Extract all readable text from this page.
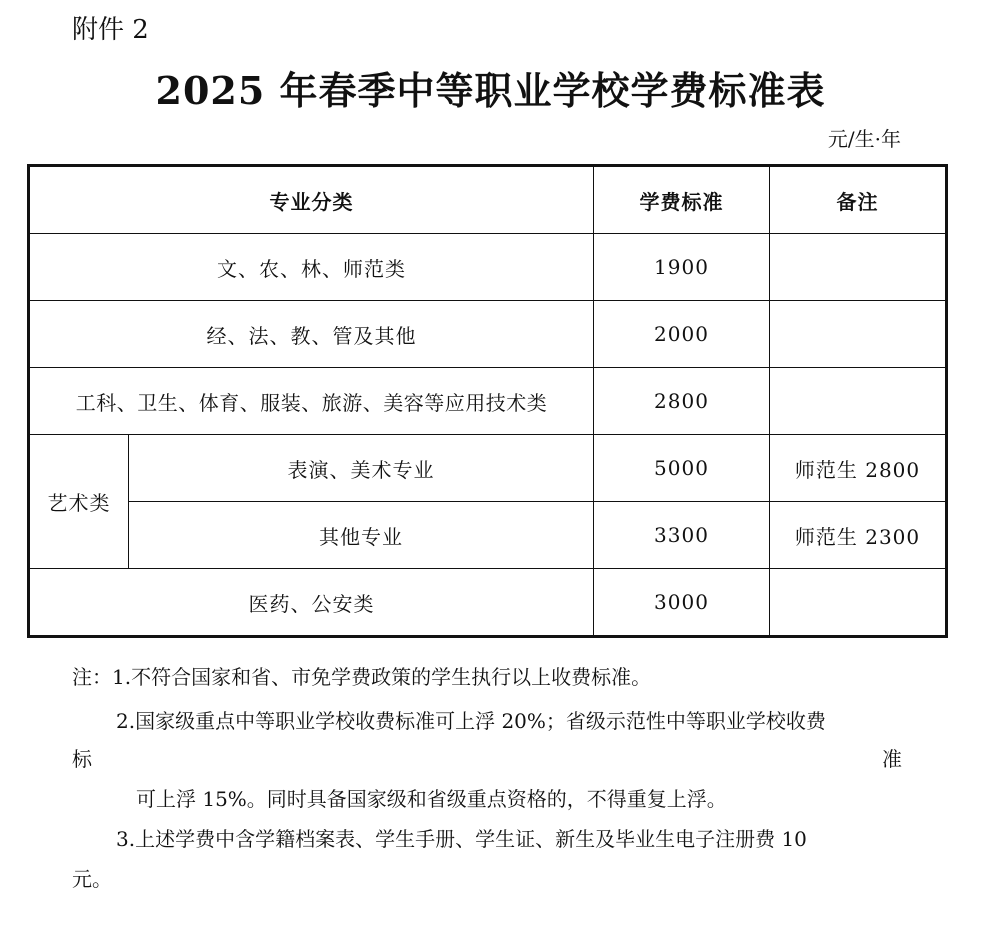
附件 2
2025 年春季中等职业学校学费标准表
元/生·年
专业分类		学费标准	备注
文、农、林、师范类		1900	
经、法、教、管及其他		2000	
工科、卫生、体育、服装、旅游、美容等应用技术类		2800	
艺术类	表演、美术专业	5000	师范生 2800
	其他专业	3300	师范生 2300
医药、公安类		3000	
注：1.不符合国家和省、市免学费政策的学生执行以上收费标准。
2.国家级重点中等职业学校收费标准可上浮 20%；省级示范性中等职业学校收费
标	准
可上浮 15%。同时具备国家级和省级重点资格的，不得重复上浮。
3.上述学费中含学籍档案表、学生手册、学生证、新生及毕业生电子注册费 10
元。
